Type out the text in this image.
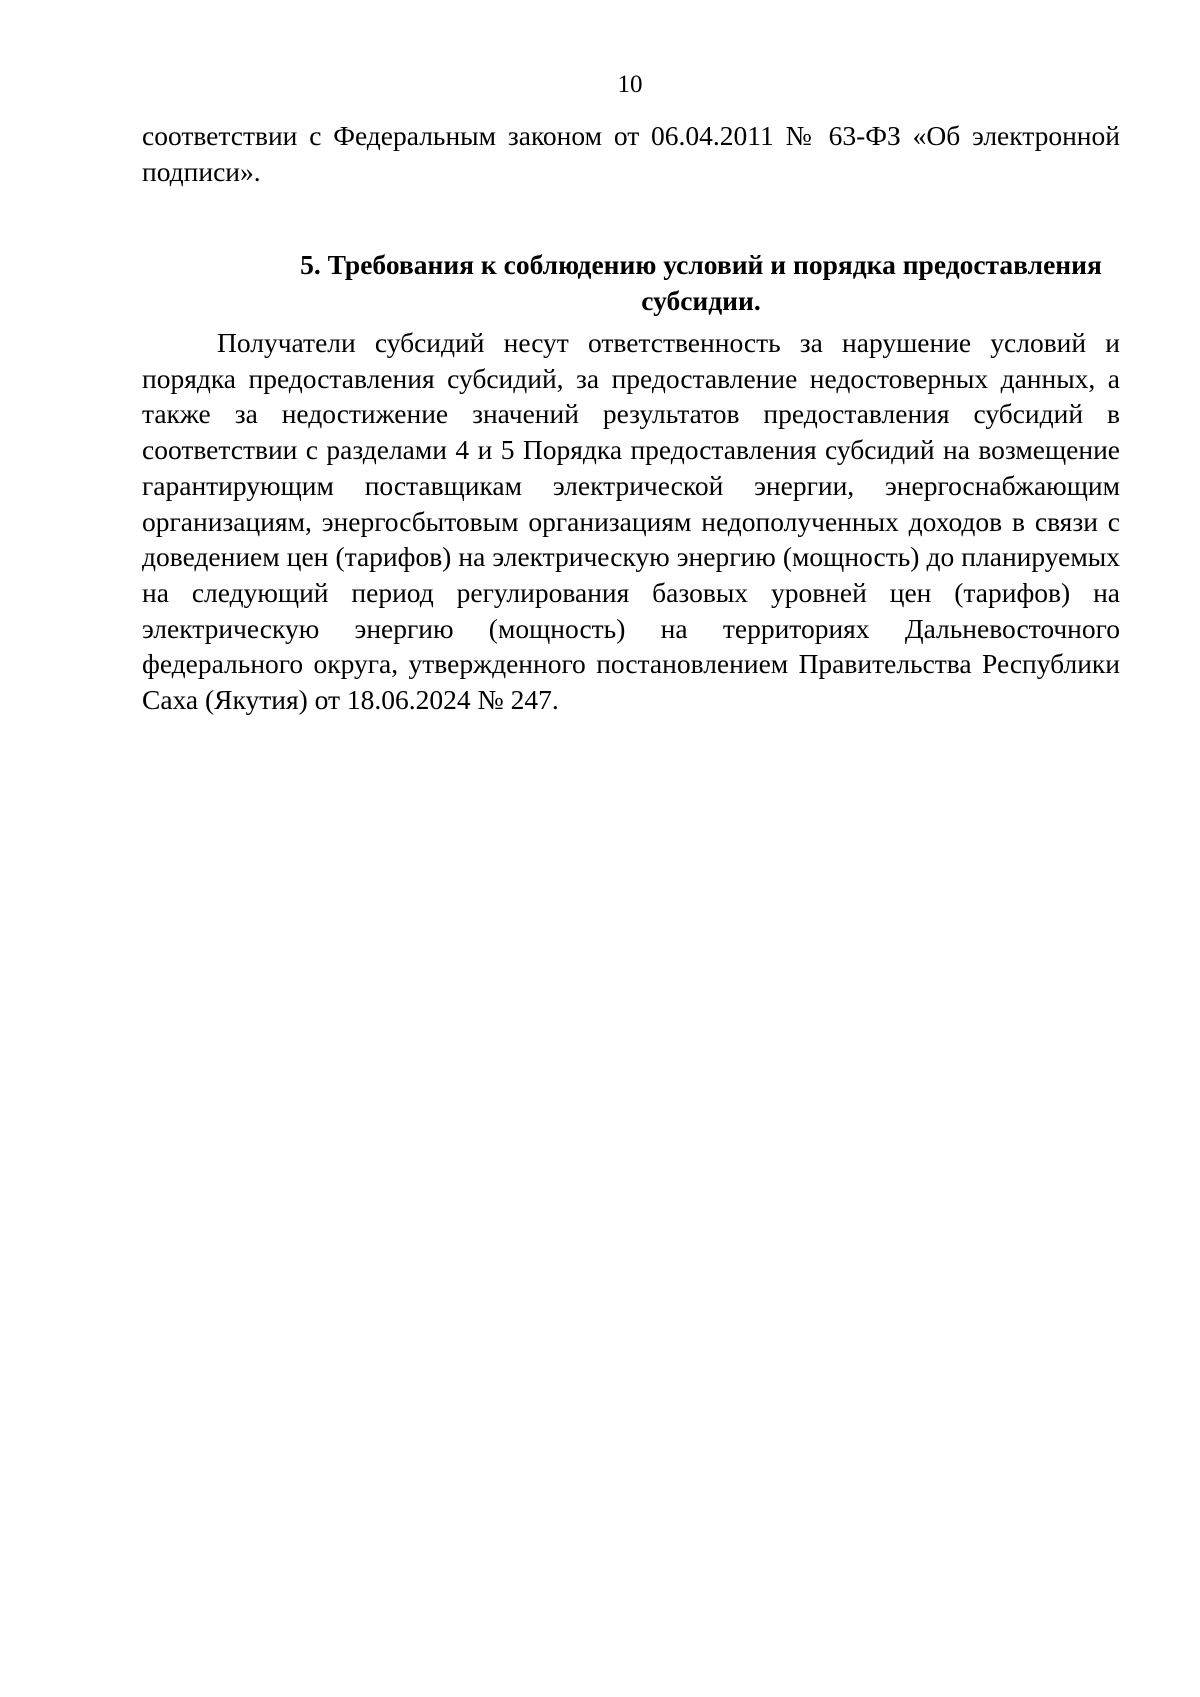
10

соответствии с Федеральным законом от 06.04.2011 № 63-ФЗ «Об электронной подписи».

5. Требования к соблюдению условий и порядка предоставления субсидии.

Получатели субсидий несут ответственность за нарушение условий и порядка предоставления субсидий, за предоставление недостоверных данных, а также за недостижение значений результатов предоставления субсидий в соответствии с разделами 4 и 5 Порядка предоставления субсидий на возмещение гарантирующим поставщикам электрической энергии, энергоснабжающим организациям, энергосбытовым организациям недополученных доходов в связи с доведением цен (тарифов) на электрическую энергию (мощность) до планируемых на следующий период регулирования базовых уровней цен (тарифов) на электрическую энергию (мощность) на территориях Дальневосточного федерального округа, утвержденного постановлением Правительства Республики Саха (Якутия) от 18.06.2024 № 247.
